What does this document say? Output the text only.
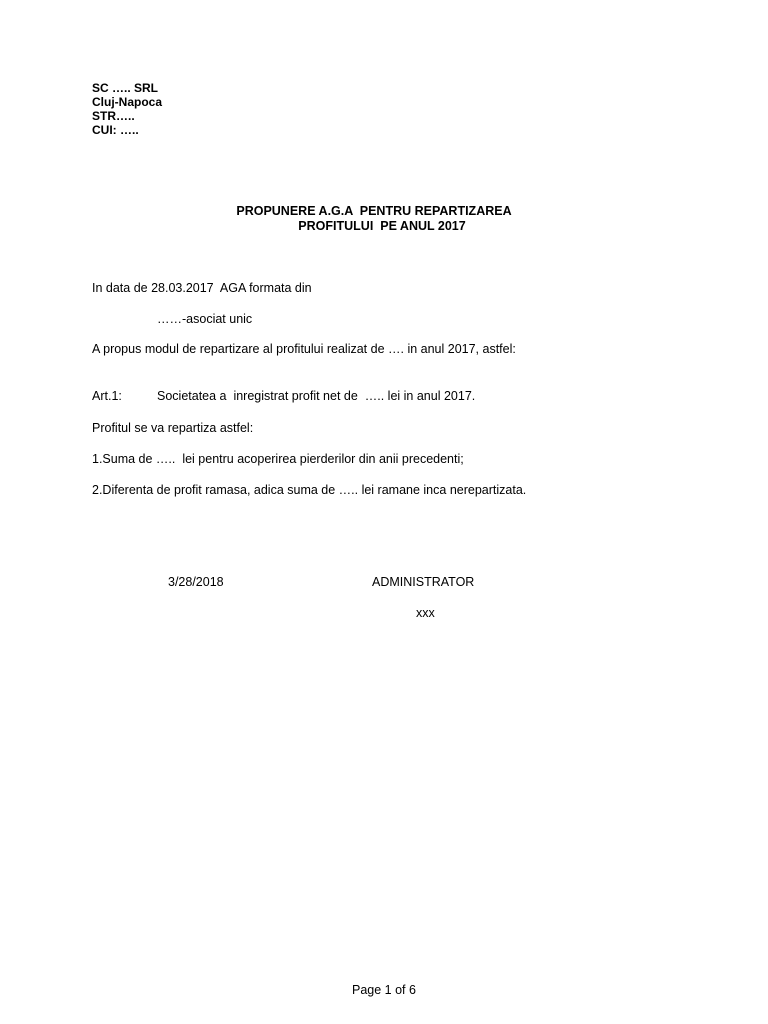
SC ….. SRL
Cluj-Napoca
STR…..
CUI: …..
PROPUNERE A.G.A  PENTRU REPARTIZAREA
PROFITULUI  PE ANUL 2017
In data de 28.03.2017  AGA formata din
……-asociat unic
A propus modul de repartizare al profitului realizat de …. in anul 2017, astfel:
Art.1:	Societatea a  inregistrat profit net de  ….. lei in anul 2017.
Profitul se va repartiza astfel:
1.Suma de …..  lei pentru acoperirea pierderilor din anii precedenti;
2.Diferenta de profit ramasa, adica suma de ….. lei ramane inca nerepartizata.
3/28/2018	ADMINISTRATOR
xxx
Page 1 of 6
